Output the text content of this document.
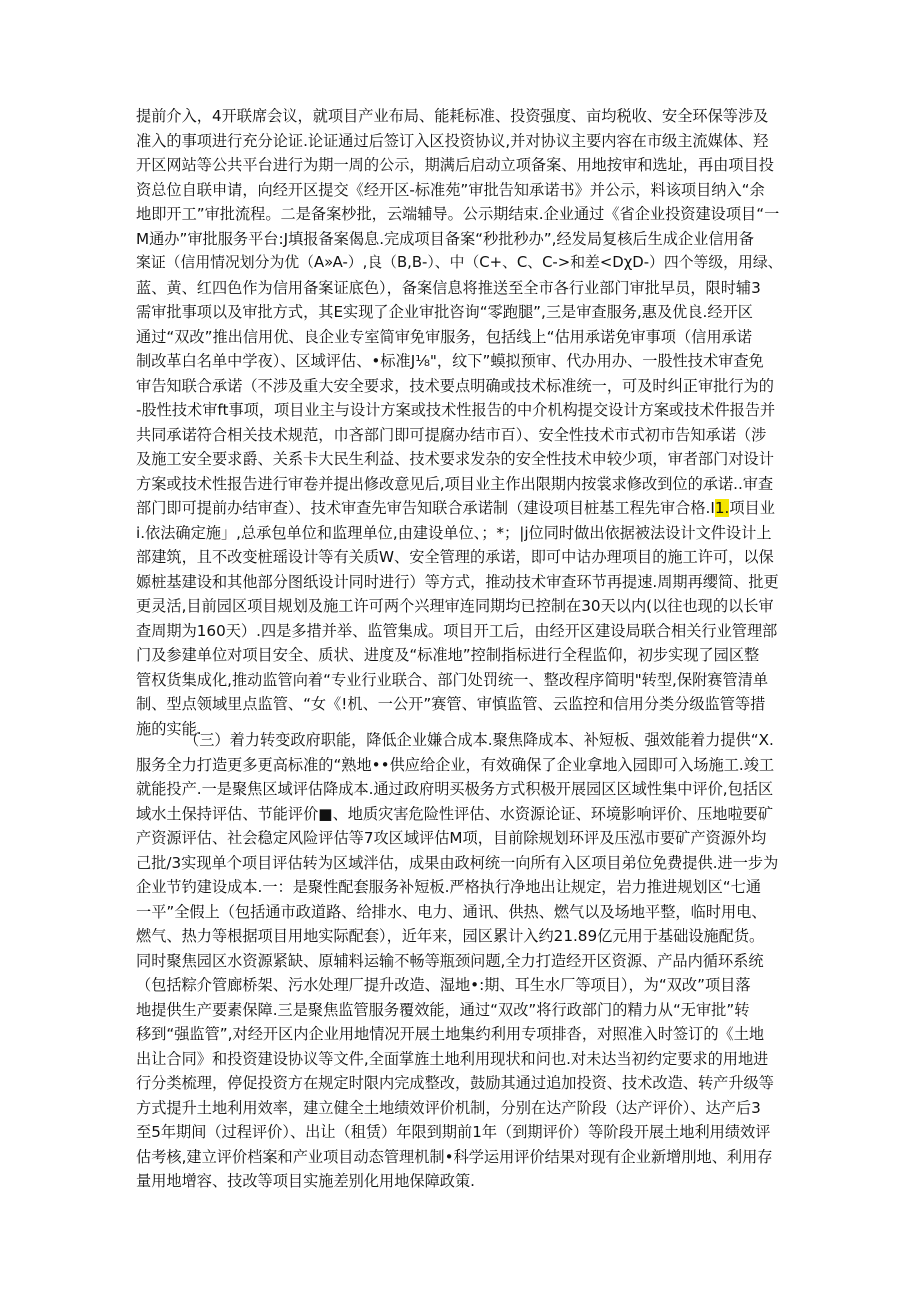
提前介入，4开联席会议，就项目产业布局、能耗标准、投资强度、亩均税收、安全环保等涉及
准入的事项进行充分论证.论证通过后签订入区投资协议,并对协议主要内容在市级主流媒体、羟
开区网站等公共平台进行为期一周的公示，期满后启动立项备案、用地按审和选址，再由项目投
资总位自联申请，向经开区提交《经开区-标准苑”审批告知承诺书》并公示，料该项目纳入“余
地即开工”审批流程。二是备案杪批，云端辅导。公示期结束.企业通过《省企业投资建设项目“一
M通办”审批服务平台:J填报备案偈息.完成项目备案“秒批秒办”,经发局复核后生成企业信用备
案证（信用情况划分为优（A»A-）,良（B,B-）、中（C+、C、C->和差<DχD-）四个等级，用绿、
蓝、黄、红四色作为信用备案证底色），备案信息将推送至全市各行业部门审批早员，限时辅3
需审批事项以及审批方式，其E实现了企业审批咨询“零跑腿”,三是审查服务,惠及优良.经开区
通过“双改”推出信用优、良企业专室简审免审服务，包括线上“估用承诺免审事项（信用承诺
制改革白名单中学夜）、区域评估、•标准J⅛"，纹下”蟆拟预审、代办用办、一股性技术审查免
审告知联合承诺（不涉及重大安全要求，技术要点明确或技术标准统一，可及时纠正审批行为的
-股性技术审ft事项，项目业主与设计方案或技术性报告的中介机构提交设计方案或技术件报告并
共同承诺符合相关技术规范，巾吝部门即可提腐办结市百）、安全性技术市式初市告知承诺（涉
及施工安全要求爵、关系卡大民生利益、技术要求发杂的安全性技术申较少项，审者部门对设计
方案或技术性报告进行审卷并提出修改意见后,项目业主作出限期内按裳求修改到位的承诺..审查
部门即可提前办结审查）、技术审查先审告知联合承诺制（建设项目桩基工程先审合格.I1.项目业
i.依法确定施」,总承包单位和监理单位,由建设单位、；*；|j位同时做出依据被法设计文件设计上
部建筑，且不改变桩瑶设计等有关质W、安全管理的承诺，即可中诂办理项目的施工许可，以保
嫄桩基建设和其他部分图纸设计同时进行）等方式，推动技术审查环节再提速.周期再缨简、批更
更灵活,目前园区项目规划及施工许可两个兴理审连同期均已控制在30天以内(以往也现的以长审
查周期为160天）.四是多措并举、监管集成。项目开工后，由经开区建设局联合相关行业管理部
门及参建单位对项目安全、质状、进度及“标准地”控制指标进行全程监仰，初步实现了园区整
管权货集成化,推动监管向着“专业行业联合、部门处罚统一、整改程序简明"转型,保附赛管清单
制、型点领域里点监管、“女《!机、一公开”赛管、审慎监管、云监控和信用分类分级监管等措
施的实能.
（三）着力转变政府职能，降低企业嫌合成本.聚焦降成本、补短板、强效能着力提供“X.
服务全力打造更多更高标准的“熟地••供应给企业，有效确保了企业拿地入园即可入场施工.竣工
就能投产.一是聚焦区域评估降成本.通过政府明买极务方式积极开展园区区域性集中评价,包括区
域水土保持评估、节能评价■、地质灾害危险性评估、水资源论证、环境影响评价、压地啦要矿
产资源评估、社会稳定风险评估等7攻区域评估M项，目前除规划环评及压泓市要矿产资源外均
己批/3实现单个项目评估转为区域泮估，成果由政柯统一向所有入区项目弟位免费提供.进一步为
企业节钓建设成本.一：是聚性配套服务补短板.严格执行净地出让规定，岩力推进规划区“七通
一平”全假上（包括通市政道路、给排水、电力、通讯、供热、燃气以及场地平整，临时用电、
燃气、热力等根据项目用地实际配套），近年来，园区累计入约21.89亿元用于基础设施配货。
同时聚焦园区水资源紧缺、原辅料运输不畅等瓶颈问题,全力打造经开区资源、产品内循环系统
（包括粽介管廊桥架、污水处理厂提升改造、湿地•:期、耳生水厂等项目），为“双改”项目落
地提供生产要素保障.三是聚焦监管服务覆效能，通过“双改”将行政部门的精力从“无审批”转
移到“强监管”,对经开区内企业用地情况开展土地集约利用专项排沓，对照准入时签订的《土地
出让合同》和投资建设协议等文件,全面掌旌土地利用现状和问也.对未达当初约定要求的用地进
行分类梳理，停促投资方在规定时限内完成整改，鼓励其通过追加投资、技术改造、转产升级等
方式提升土地利用效率，建立健全土地绩效评价机制，分别在达产阶段（达产评价）、达产后3
至5年期间（过程评价）、出让（租赁）年限到期前1年（到期评价）等阶段开展土地利用绩效评
估考核,建立评价档案和产业项目动态管理机制•科学运用评价结果对现有企业新增刖地、利用存
量用地增容、技改等项目实施差别化用地保障政策.
